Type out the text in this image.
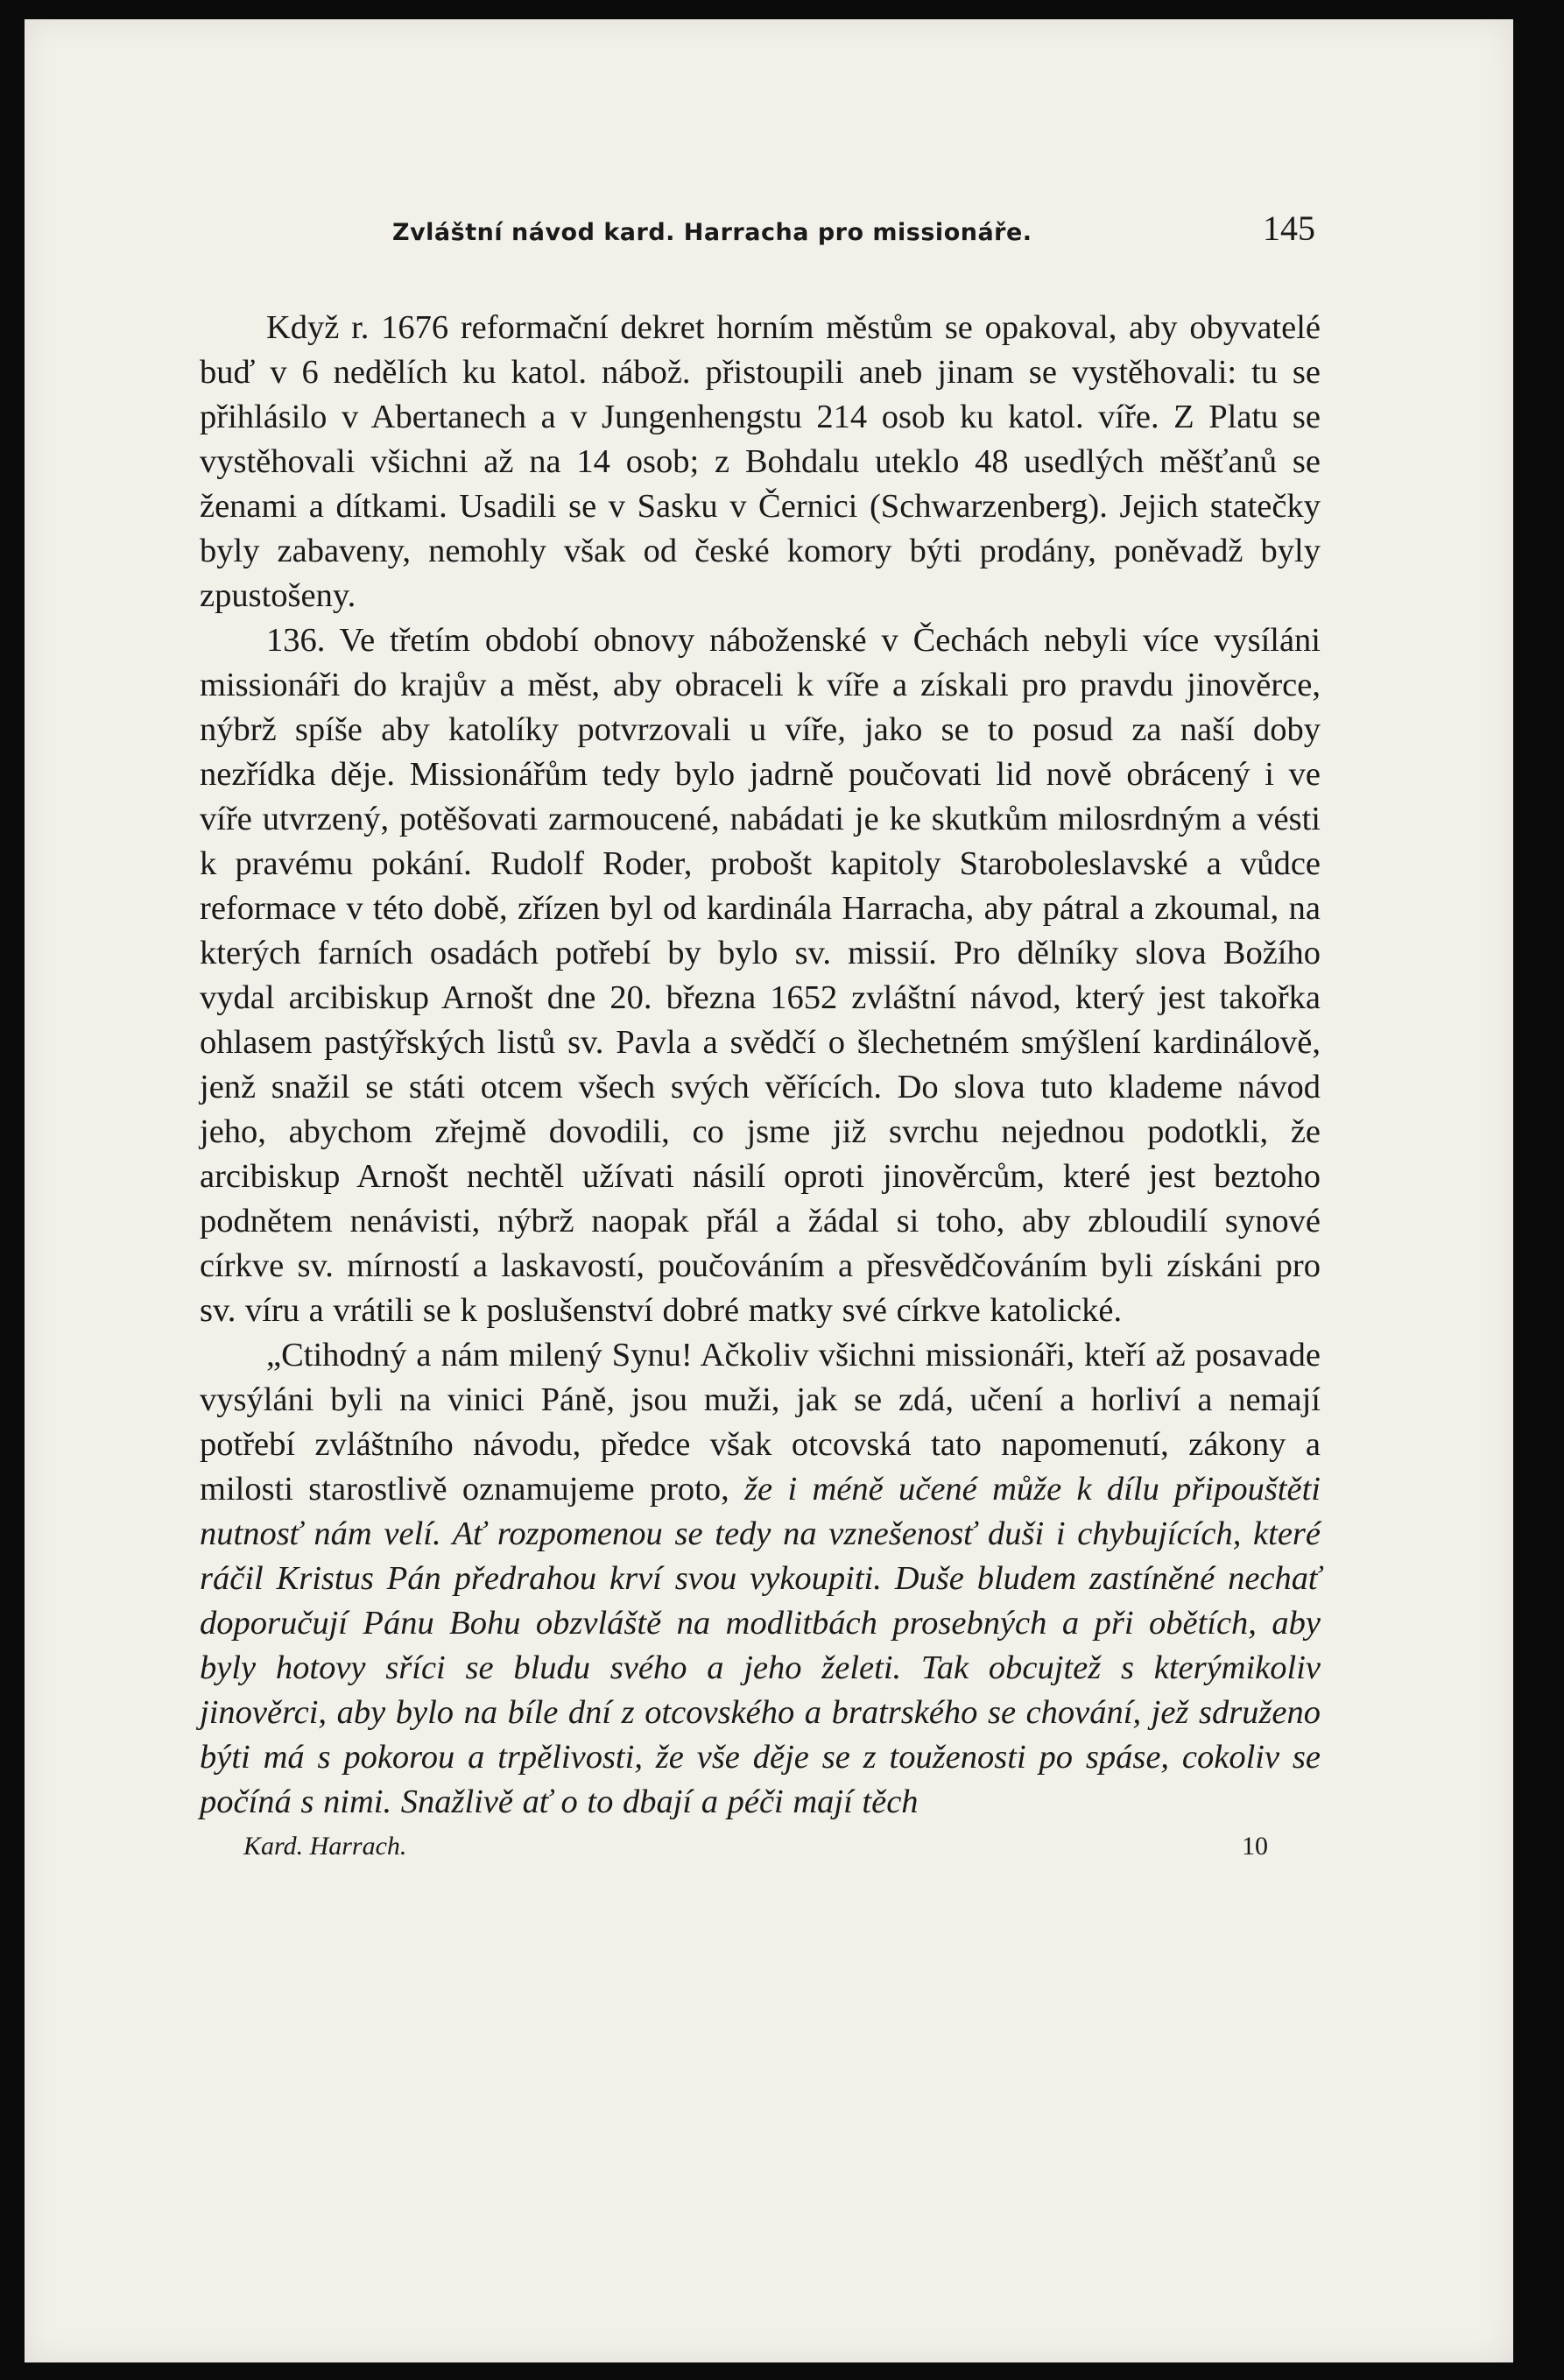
Zvláštní návod kard. Harracha pro missionáře.	145

Když r. 1676 reformační dekret horním městům se opakoval, aby obyvatelé buď v 6 nedělích ku katol. nábož. přistoupili aneb jinam se vystěhovali: tu se přihlásilo v Abertanech a v Jungenhengstu 214 osob ku katol. víře. Z Platu se vystěhovali všichni až na 14 osob; z Bohdalu uteklo 48 usedlých měšťanů se ženami a dítkami. Usadili se v Sasku v Černici (Schwarzenberg). Jejich statečky byly zabaveny, nemohly však od české komory býti prodány, poněvadž byly zpustošeny.

136. Ve třetím období obnovy náboženské v Čechách nebyli více vysíláni missionáři do krajův a měst, aby obraceli k víře a získali pro pravdu jinověrce, nýbrž spíše aby katolíky potvrzovali u víře, jako se to posud za naší doby nezřídka děje. Missionářům tedy bylo jadrně poučovati lid nově obrácený i ve víře utvrzený, potěšovati zarmoucené, nabádati je ke skutkům milosrdným a vésti k pravému pokání. Rudolf Roder, probošt kapitoly Staroboleslavské a vůdce reformace v této době, zřízen byl od kardinála Harracha, aby pátral a zkoumal, na kterých farních osadách potřebí by bylo sv. missií. Pro dělníky slova Božího vydal arcibiskup Arnošt dne 20. března 1652 zvláštní návod, který jest takořka ohlasem pastýřských listů sv. Pavla a svědčí o šlechetném smýšlení kardinálově, jenž snažil se státi otcem všech svých věřících. Do slova tuto klademe návod jeho, abychom zřejmě dovodili, co jsme již svrchu nejednou podotkli, že arcibiskup Arnošt nechtěl užívati násilí oproti jinověrcům, které jest beztoho podnětem nenávisti, nýbrž naopak přál a žádal si toho, aby zbloudilí synové církve sv. mírností a laskavostí, poučováním a přesvědčováním byli získáni pro sv. víru a vrátili se k poslušenství dobré matky své církve katolické.

„Ctihodný a nám milený Synu! Ačkoliv všichni missionáři, kteří až posavade vysýláni byli na vinici Páně, jsou muži, jak se zdá, učení a horliví a nemají potřebí zvláštního návodu, předce však otcovská tato napomenutí, zákony a milosti starostlivě oznamujeme proto, že i méně učené může k dílu připouštěti nutnosť nám velí. Ať rozpomenou se tedy na vznešenosť duši i chybujících, které ráčil Kristus Pán předrahou krví svou vykoupiti. Duše bludem zastíněné nechať doporučují Pánu Bohu obzvláště na modlitbách prosebných a při obětích, aby byly hotovy sříci se bludu svého a jeho želeti. Tak obcujtež s kterýmikoliv jinověrci, aby bylo na bíle dní z otcovského a bratrského se chování, jež sdruženo býti má s pokorou a trpělivosti, že vše děje se z touženosti po spáse, cokoliv se počíná s nimi. Snažlivě ať o to dbají a péči mají těch

Kard. Harrach.	10
